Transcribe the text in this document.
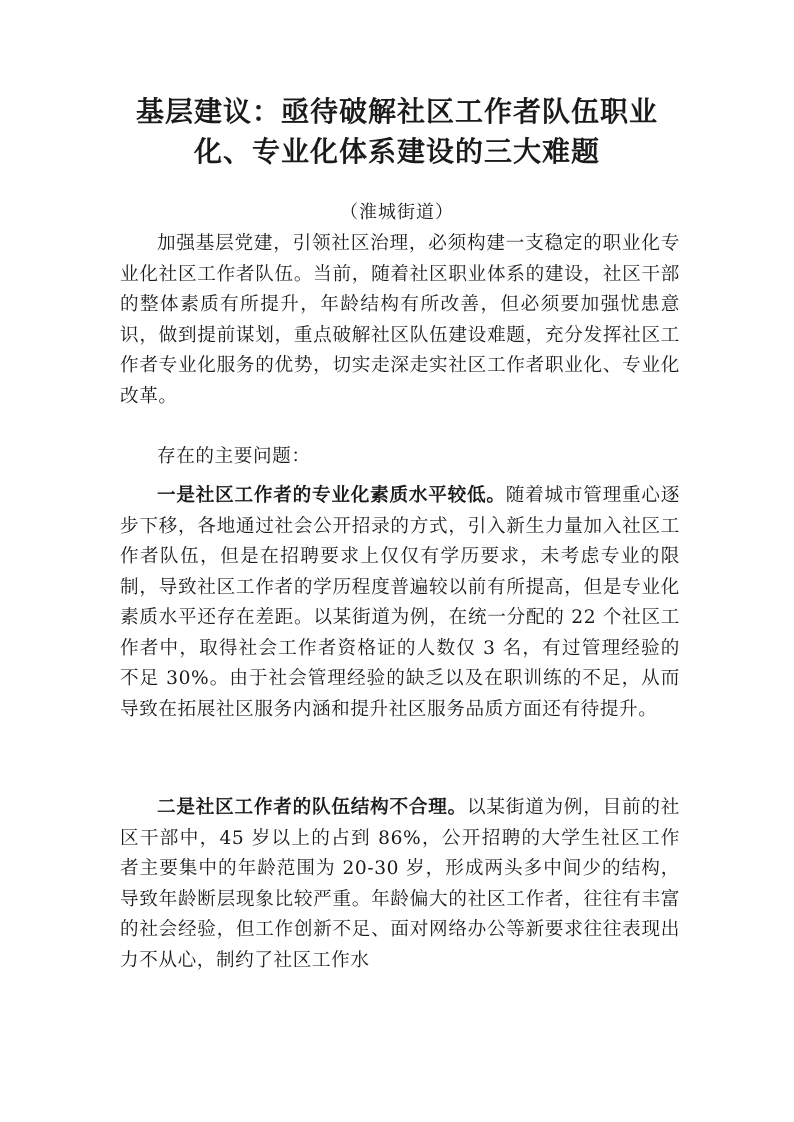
基层建议：亟待破解社区工作者队伍职业化、专业化体系建设的三大难题
（淮城街道）

加强基层党建，引领社区治理，必须构建一支稳定的职业化专业化社区工作者队伍。当前，随着社区职业体系的建设，社区干部的整体素质有所提升，年龄结构有所改善，但必须要加强忧患意识，做到提前谋划，重点破解社区队伍建设难题，充分发挥社区工作者专业化服务的优势，切实走深走实社区工作者职业化、专业化改革。

存在的主要问题：

一是社区工作者的专业化素质水平较低。随着城市管理重心逐步下移，各地通过社会公开招录的方式，引入新生力量加入社区工作者队伍，但是在招聘要求上仅仅有学历要求，未考虑专业的限制，导致社区工作者的学历程度普遍较以前有所提高，但是专业化素质水平还存在差距。以某街道为例，在统一分配的 22 个社区工作者中，取得社会工作者资格证的人数仅 3 名，有过管理经验的不足 30%。由于社会管理经验的缺乏以及在职训练的不足，从而导致在拓展社区服务内涵和提升社区服务品质方面还有待提升。

二是社区工作者的队伍结构不合理。以某街道为例，目前的社区干部中，45 岁以上的占到 86%，公开招聘的大学生社区工作者主要集中的年龄范围为 20-30 岁，形成两头多中间少的结构，导致年龄断层现象比较严重。年龄偏大的社区工作者，往往有丰富的社会经验，但工作创新不足、面对网络办公等新要求往往表现出力不从心，制约了社区工作水
